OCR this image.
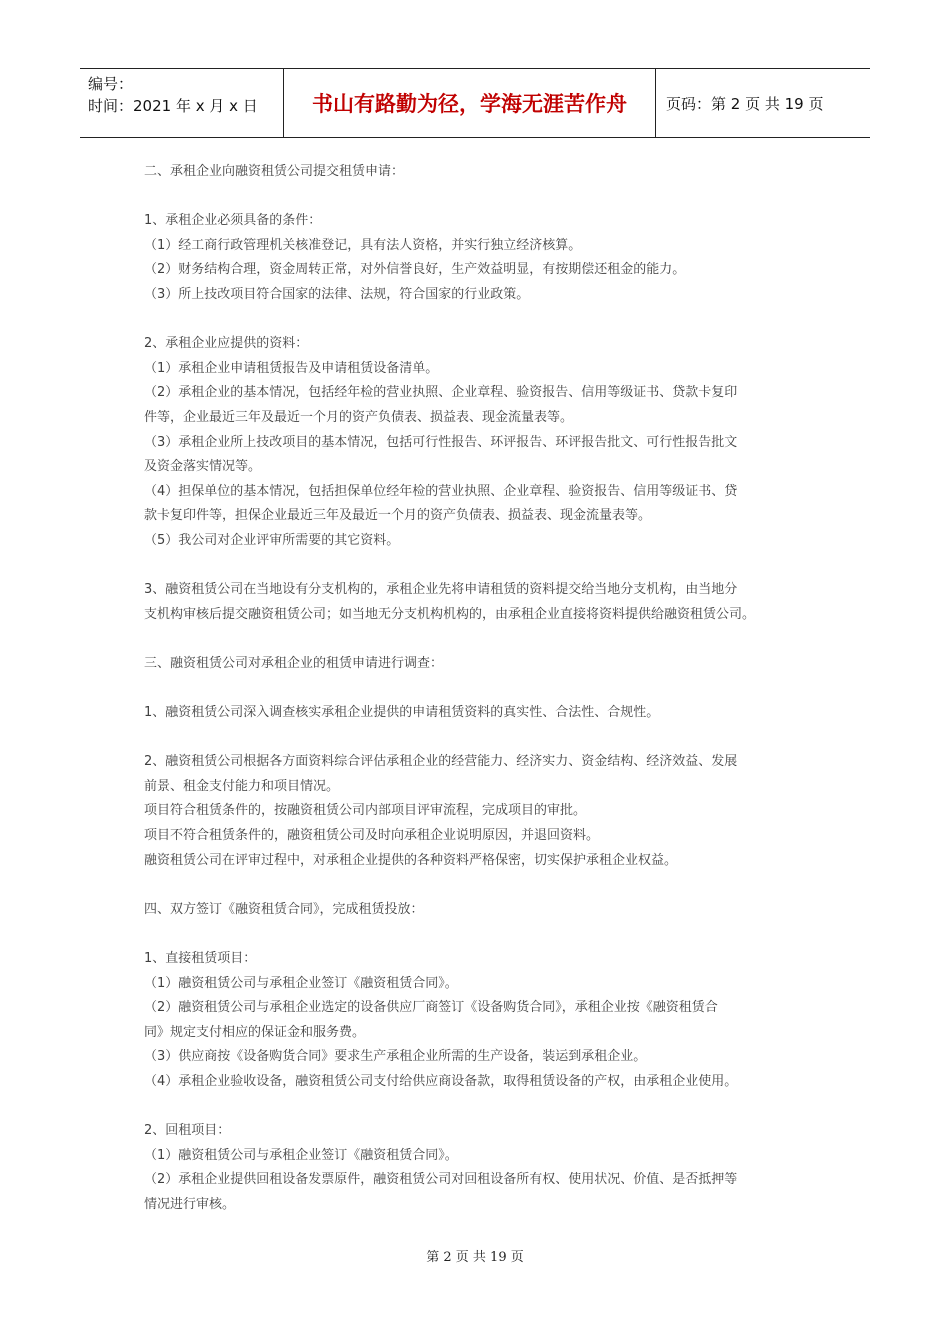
编号：
时间：2021 年 x 月 x 日	书山有路勤为径，学海无涯苦作舟	页码：第 2 页 共 19 页

二、承租企业向融资租赁公司提交租赁申请：

1、承租企业必须具备的条件：

（1）经工商行政管理机关核准登记，具有法人资格，并实行独立经济核算。

（2）财务结构合理，资金周转正常，对外信誉良好，生产效益明显，有按期偿还租金的能力。

（3）所上技改项目符合国家的法律、法规，符合国家的行业政策。

2、承租企业应提供的资料：

（1）承租企业申请租赁报告及申请租赁设备清单。

（2）承租企业的基本情况，包括经年检的营业执照、企业章程、验资报告、信用等级证书、贷款卡复印

件等，企业最近三年及最近一个月的资产负债表、损益表、现金流量表等。

（3）承租企业所上技改项目的基本情况，包括可行性报告、环评报告、环评报告批文、可行性报告批文

及资金落实情况等。

（4）担保单位的基本情况，包括担保单位经年检的营业执照、企业章程、验资报告、信用等级证书、贷

款卡复印件等，担保企业最近三年及最近一个月的资产负债表、损益表、现金流量表等。

（5）我公司对企业评审所需要的其它资料。

3、融资租赁公司在当地设有分支机构的，承租企业先将申请租赁的资料提交给当地分支机构，由当地分

支机构审核后提交融资租赁公司；如当地无分支机构机构的，由承租企业直接将资料提供给融资租赁公司。

三、融资租赁公司对承租企业的租赁申请进行调查：

1、融资租赁公司深入调查核实承租企业提供的申请租赁资料的真实性、合法性、合规性。

2、融资租赁公司根据各方面资料综合评估承租企业的经营能力、经济实力、资金结构、经济效益、发展

前景、租金支付能力和项目情况。

项目符合租赁条件的，按融资租赁公司内部项目评审流程，完成项目的审批。

项目不符合租赁条件的，融资租赁公司及时向承租企业说明原因，并退回资料。

融资租赁公司在评审过程中，对承租企业提供的各种资料严格保密，切实保护承租企业权益。

四、双方签订《融资租赁合同》，完成租赁投放：

1、直接租赁项目：

（1）融资租赁公司与承租企业签订《融资租赁合同》。

（2）融资租赁公司与承租企业选定的设备供应厂商签订《设备购货合同》，承租企业按《融资租赁合

同》规定支付相应的保证金和服务费。

（3）供应商按《设备购货合同》要求生产承租企业所需的生产设备，装运到承租企业。

（4）承租企业验收设备，融资租赁公司支付给供应商设备款，取得租赁设备的产权，由承租企业使用。

2、回租项目：

（1）融资租赁公司与承租企业签订《融资租赁合同》。

（2）承租企业提供回租设备发票原件，融资租赁公司对回租设备所有权、使用状况、价值、是否抵押等

情况进行审核。

第 2 页 共 19 页
